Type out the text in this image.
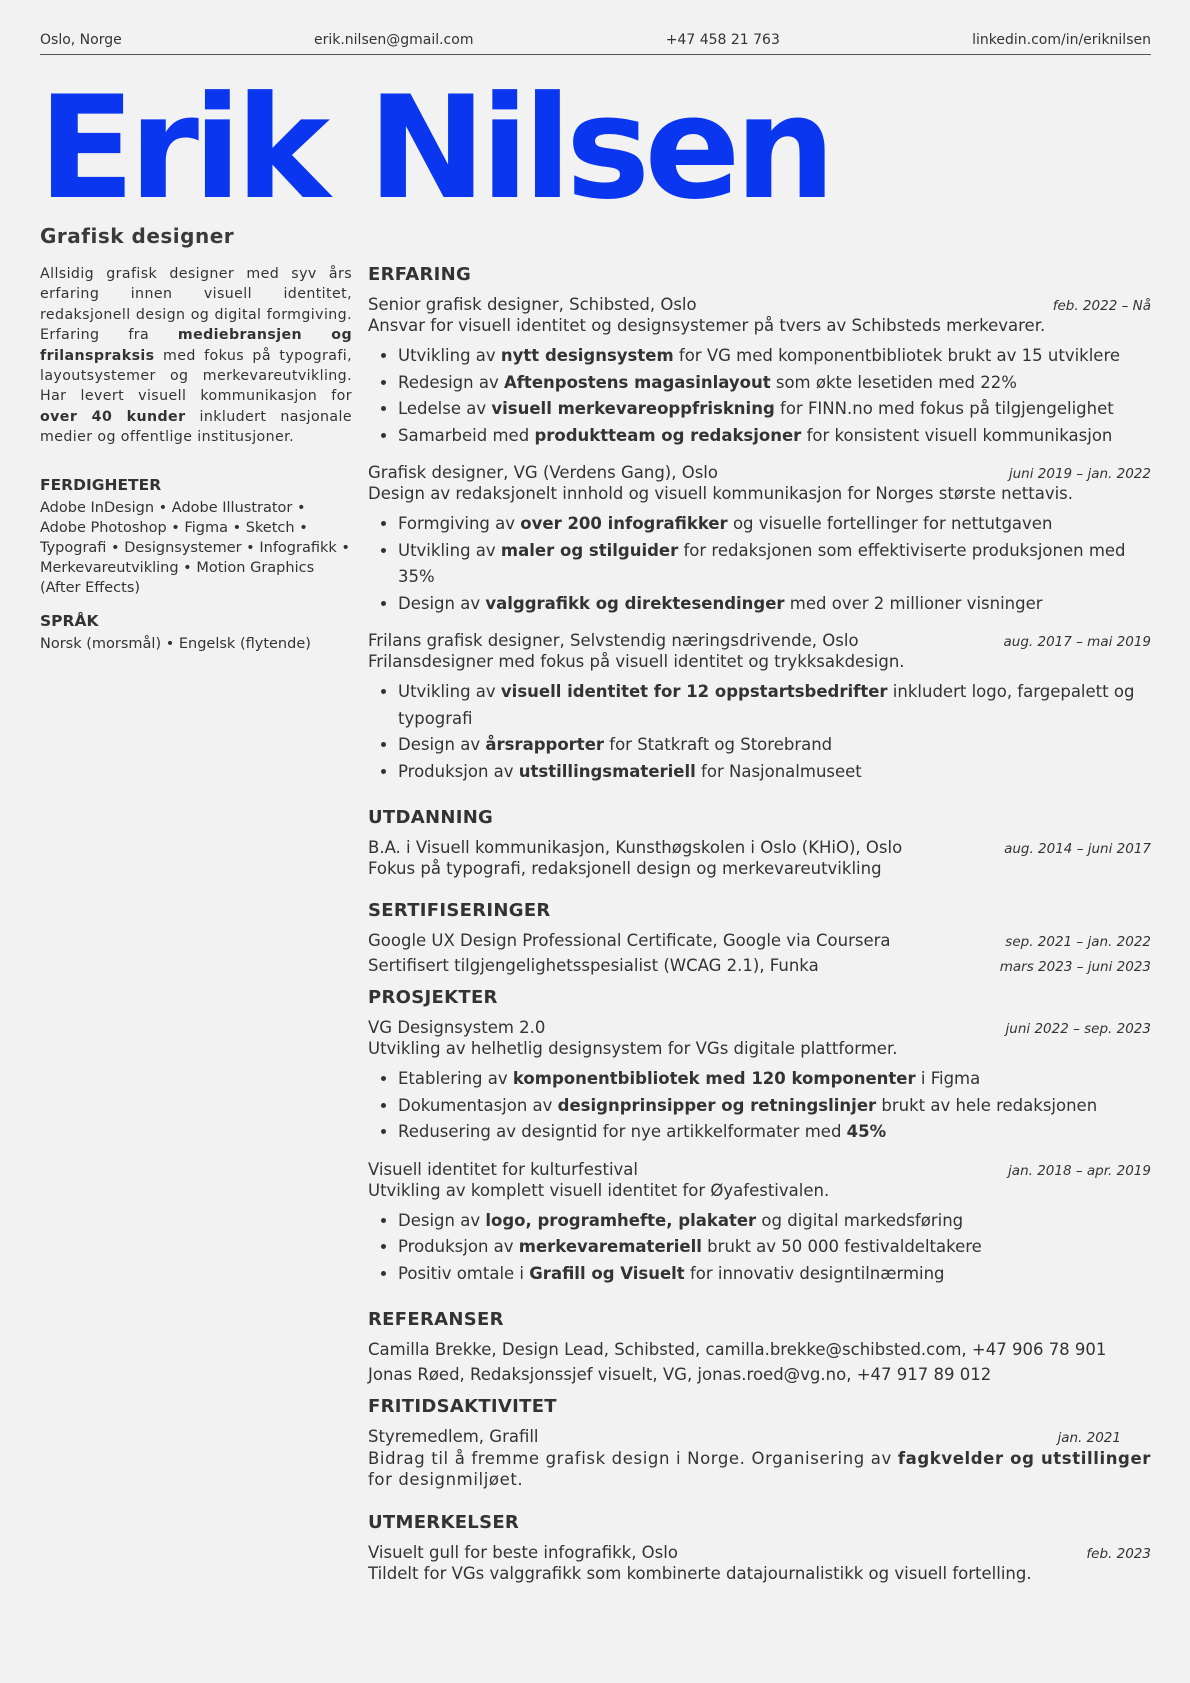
Oslo, Norge	erik.nilsen@gmail.com	+47 458 21 763	linkedin.com/in/eriknilsen
Erik Nilsen
Grafisk designer

Allsidig grafisk designer med syv års erfaring innen visuell identitet, redaksjonell design og digital formgiving. Erfaring fra mediebransjen og frilanspraksis med fokus på typografi, layoutsystemer og merkevareutvikling. Har levert visuell kommunikasjon for over 40 kunder inkludert nasjonale medier og offentlige institusjoner.

FERDIGHETER

Adobe InDesign • Adobe Illustrator • Adobe Photoshop • Figma • Sketch • Typografi • Designsystemer • Infografikk • Merkevareutvikling • Motion Graphics (After Effects)

SPRÅK

Norsk (morsmål) • Engelsk (flytende)

ERFARING
Senior grafisk designer, Schibsted, Oslo	feb. 2022 – Nå

Ansvar for visuell identitet og designsystemer på tvers av Schibsteds merkevarer.

• Utvikling av nytt designsystem for VG med komponentbibliotek brukt av 15 utviklere
• Redesign av Aftenpostens magasinlayout som økte lesetiden med 22%
• Ledelse av visuell merkevareoppfriskning for FINN.no med fokus på tilgjengelighet
• Samarbeid med produktteam og redaksjoner for konsistent visuell kommunikasjon
Grafisk designer, VG (Verdens Gang), Oslo	juni 2019 – jan. 2022

Design av redaksjonelt innhold og visuell kommunikasjon for Norges største nettavis.

• Formgiving av over 200 infografikker og visuelle fortellinger for nettutgaven
• Utvikling av maler og stilguider for redaksjonen som effektiviserte produksjonen med 35%
• Design av valggrafikk og direktesendinger med over 2 millioner visninger
Frilans grafisk designer, Selvstendig næringsdrivende, Oslo	aug. 2017 – mai 2019

Frilansdesigner med fokus på visuell identitet og trykksakdesign.

• Utvikling av visuell identitet for 12 oppstartsbedrifter inkludert logo, fargepalett og typografi
• Design av årsrapporter for Statkraft og Storebrand
• Produksjon av utstillingsmateriell for Nasjonalmuseet
UTDANNING
B.A. i Visuell kommunikasjon, Kunsthøgskolen i Oslo (KHiO), Oslo	aug. 2014 – juni 2017

Fokus på typografi, redaksjonell design og merkevareutvikling

SERTIFISERINGER
Google UX Design Professional Certificate, Google via Coursera	sep. 2021 – jan. 2022
Sertifisert tilgjengelighetsspesialist (WCAG 2.1), Funka	mars 2023 – juni 2023
PROSJEKTER
VG Designsystem 2.0	juni 2022 – sep. 2023

Utvikling av helhetlig designsystem for VGs digitale plattformer.

• Etablering av komponentbibliotek med 120 komponenter i Figma
• Dokumentasjon av designprinsipper og retningslinjer brukt av hele redaksjonen
• Redusering av designtid for nye artikkelformater med 45%
Visuell identitet for kulturfestival	jan. 2018 – apr. 2019

Utvikling av komplett visuell identitet for Øyafestivalen.

• Design av logo, programhefte, plakater og digital markedsføring
• Produksjon av merkevaremateriell brukt av 50 000 festivaldeltakere
• Positiv omtale i Grafill og Visuelt for innovativ designtilnærming
REFERANSER
Camilla Brekke, Design Lead, Schibsted, camilla.brekke@schibsted.com, +47 906 78 901
Jonas Røed, Redaksjonssjef visuelt, VG, jonas.roed@vg.no, +47 917 89 012
FRITIDSAKTIVITET
Styremedlem, Grafill	jan. 2021

Bidrag til å fremme grafisk design i Norge. Organisering av fagkvelder og utstillinger for designmiljøet.

UTMERKELSER
Visuelt gull for beste infografikk, Oslo	feb. 2023

Tildelt for VGs valggrafikk som kombinerte datajournalistikk og visuell fortelling.
